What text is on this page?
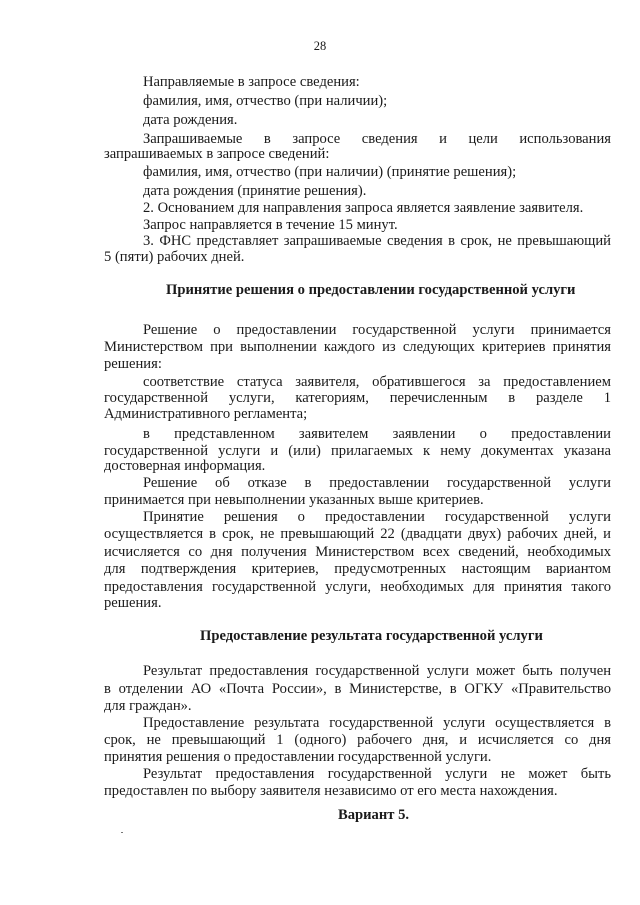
28
Направляемые в запросе сведения:
фамилия, имя, отчество (при наличии);
дата рождения.
Запрашиваемые в запросе сведения и цели использования
запрашиваемых в запросе сведений:
фамилия, имя, отчество (при наличии) (принятие решения);
дата рождения (принятие решения).
2. Основанием для направления запроса является заявление заявителя.
Запрос направляется в течение 15 минут.
3. ФНС представляет запрашиваемые сведения в срок, не превышающий
5 (пяти) рабочих дней.
Принятие решения о предоставлении государственной услуги
Решение о предоставлении государственной услуги принимается
Министерством при выполнении каждого из следующих критериев принятия
решения:
соответствие статуса заявителя, обратившегося за предоставлением
государственной услуги, категориям, перечисленным в разделе 1
Административного регламента;
в представленном заявителем заявлении о предоставлении
государственной услуги и (или) прилагаемых к нему документах указана
достоверная информация.
Решение об отказе в предоставлении государственной услуги
принимается при невыполнении указанных выше критериев.
Принятие решения о предоставлении государственной услуги
осуществляется в срок, не превышающий 22 (двадцати двух) рабочих дней, и
исчисляется со дня получения Министерством всех сведений, необходимых
для подтверждения критериев, предусмотренных настоящим вариантом
предоставления государственной услуги, необходимых для принятия такого
решения.
Предоставление результата государственной услуги
Результат предоставления государственной услуги может быть получен
в отделении АО «Почта России», в Министерстве, в ОГКУ «Правительство
для граждан».
Предоставление результата государственной услуги осуществляется в
срок, не превышающий 1 (одного) рабочего дня, и исчисляется со дня
принятия решения о предоставлении государственной услуги.
Результат предоставления государственной услуги не может быть
предоставлен по выбору заявителя независимо от его места нахождения.
Вариант 5.
